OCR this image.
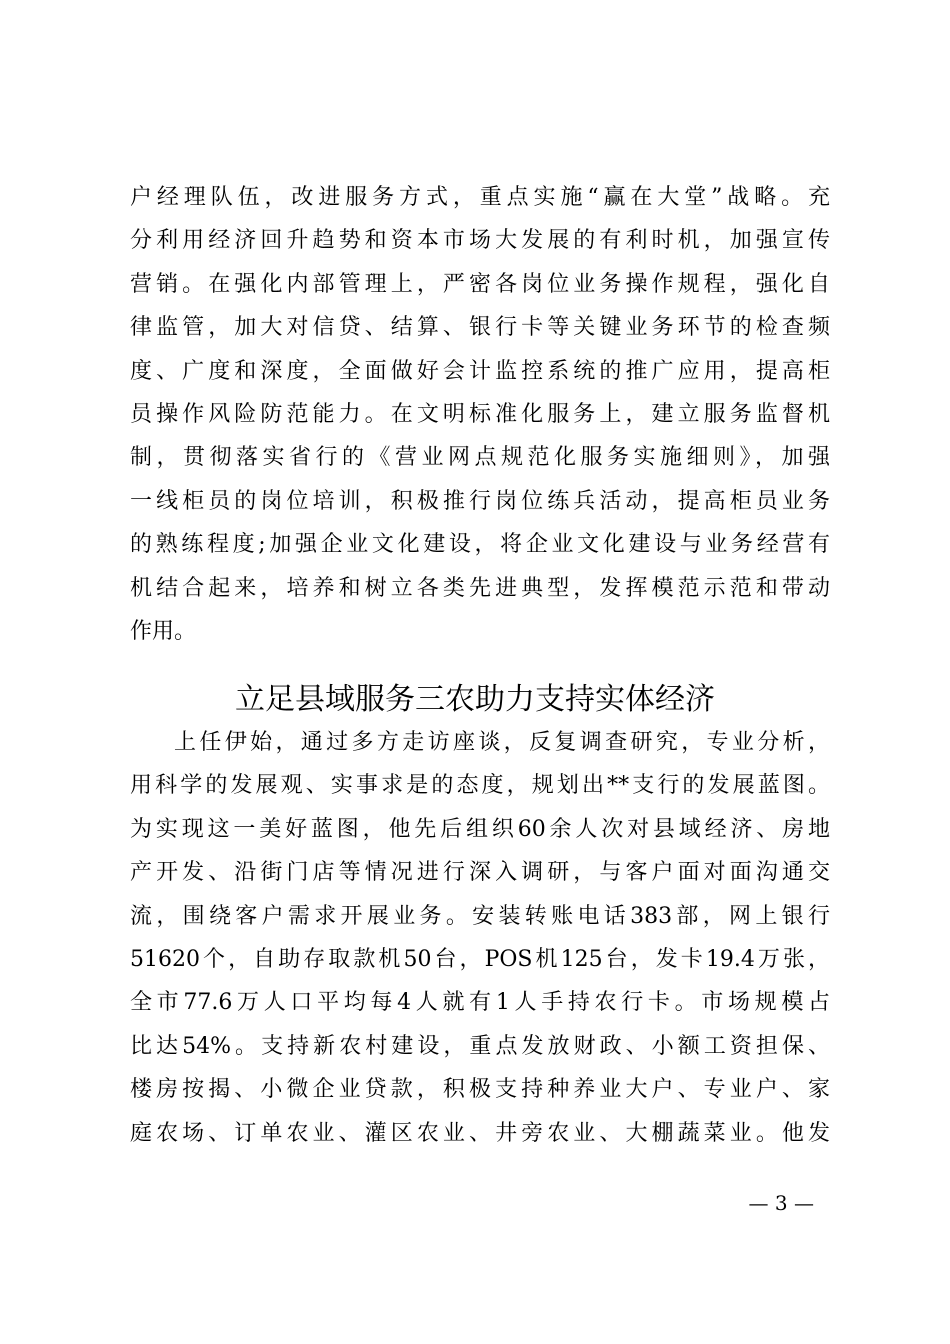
户经理队伍，改进服务方式，重点实施“赢在大堂”战略。充
分利用经济回升趋势和资本市场大发展的有利时机，加强宣传
营销。在强化内部管理上，严密各岗位业务操作规程，强化自
律监管，加大对信贷、结算、银行卡等关键业务环节的检查频
度、广度和深度，全面做好会计监控系统的推广应用，提高柜
员操作风险防范能力。在文明标准化服务上，建立服务监督机
制，贯彻落实省行的《营业网点规范化服务实施细则》，加强
一线柜员的岗位培训，积极推行岗位练兵活动，提高柜员业务
的熟练程度;加强企业文化建设，将企业文化建设与业务经营有
机结合起来，培养和树立各类先进典型，发挥模范示范和带动
作用。
立足县域服务三农助力支持实体经济
上任伊始，通过多方走访座谈，反复调查研究，专业分析，
用科学的发展观、实事求是的态度，规划出**支行的发展蓝图。
为实现这一美好蓝图，他先后组织60余人次对县域经济、房地
产开发、沿街门店等情况进行深入调研，与客户面对面沟通交
流，围绕客户需求开展业务。安装转账电话383部，网上银行
51620个，自助存取款机50台，POS机125台，发卡19.4万张，
全市77.6万人口平均每4人就有1人手持农行卡。市场规模占
比达54%。支持新农村建设，重点发放财政、小额工资担保、
楼房按揭、小微企业贷款，积极支持种养业大户、专业户、家
庭农场、订单农业、灌区农业、井旁农业、大棚蔬菜业。他发
— 3 —
